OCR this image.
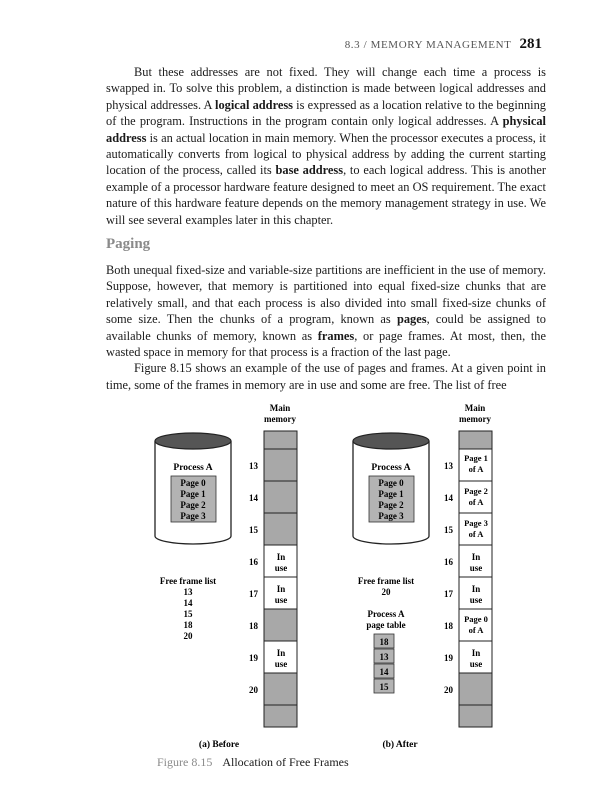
8.3 / MEMORY MANAGEMENT 281

But these addresses are not fixed. They will change each time a process is swapped in. To solve this problem, a distinction is made between logical addresses and physical addresses. A logical address is expressed as a location relative to the beginning of the program. Instructions in the program contain only logical addresses. A physical address is an actual location in main memory. When the processor executes a process, it automatically converts from logical to physical address by adding the current starting location of the process, called its base address, to each logical address. This is another example of a processor hardware feature designed to meet an OS requirement. The exact nature of this hardware feature depends on the memory management strategy in use. We will see several examples later in this chapter.

Paging

Both unequal fixed-size and variable-size partitions are inefficient in the use of memory. Suppose, however, that memory is partitioned into equal fixed-size chunks that are relatively small, and that each process is also divided into small fixed-size chunks of some size. Then the chunks of a program, known as pages, could be assigned to available chunks of memory, known as frames, or page frames. At most, then, the wasted space in memory for that process is a fraction of the last page.

Figure 8.15 shows an example of the use of pages and frames. At a given point in time, some of the frames in memory are in use and some are free. The list of free

Process A
Page 0
Page 1
Page 2
Page 3
Free frame list
13
14
15
18
20
Main
memory
In
use
In
use
In
use
13
14
15
16
17
18
19
20
Process A
Page 0
Page 1
Page 2
Page 3
Free frame list
20
Process A
page table
18
13
14
15
Main
memory
Page 1
of A
Page 2
of A
Page 3
of A
In
use
In
use
Page 0
of A
In
use
13
14
15
16
17
18
19
20
(a) Before	(b) After
Figure 8.15 Allocation of Free Frames
